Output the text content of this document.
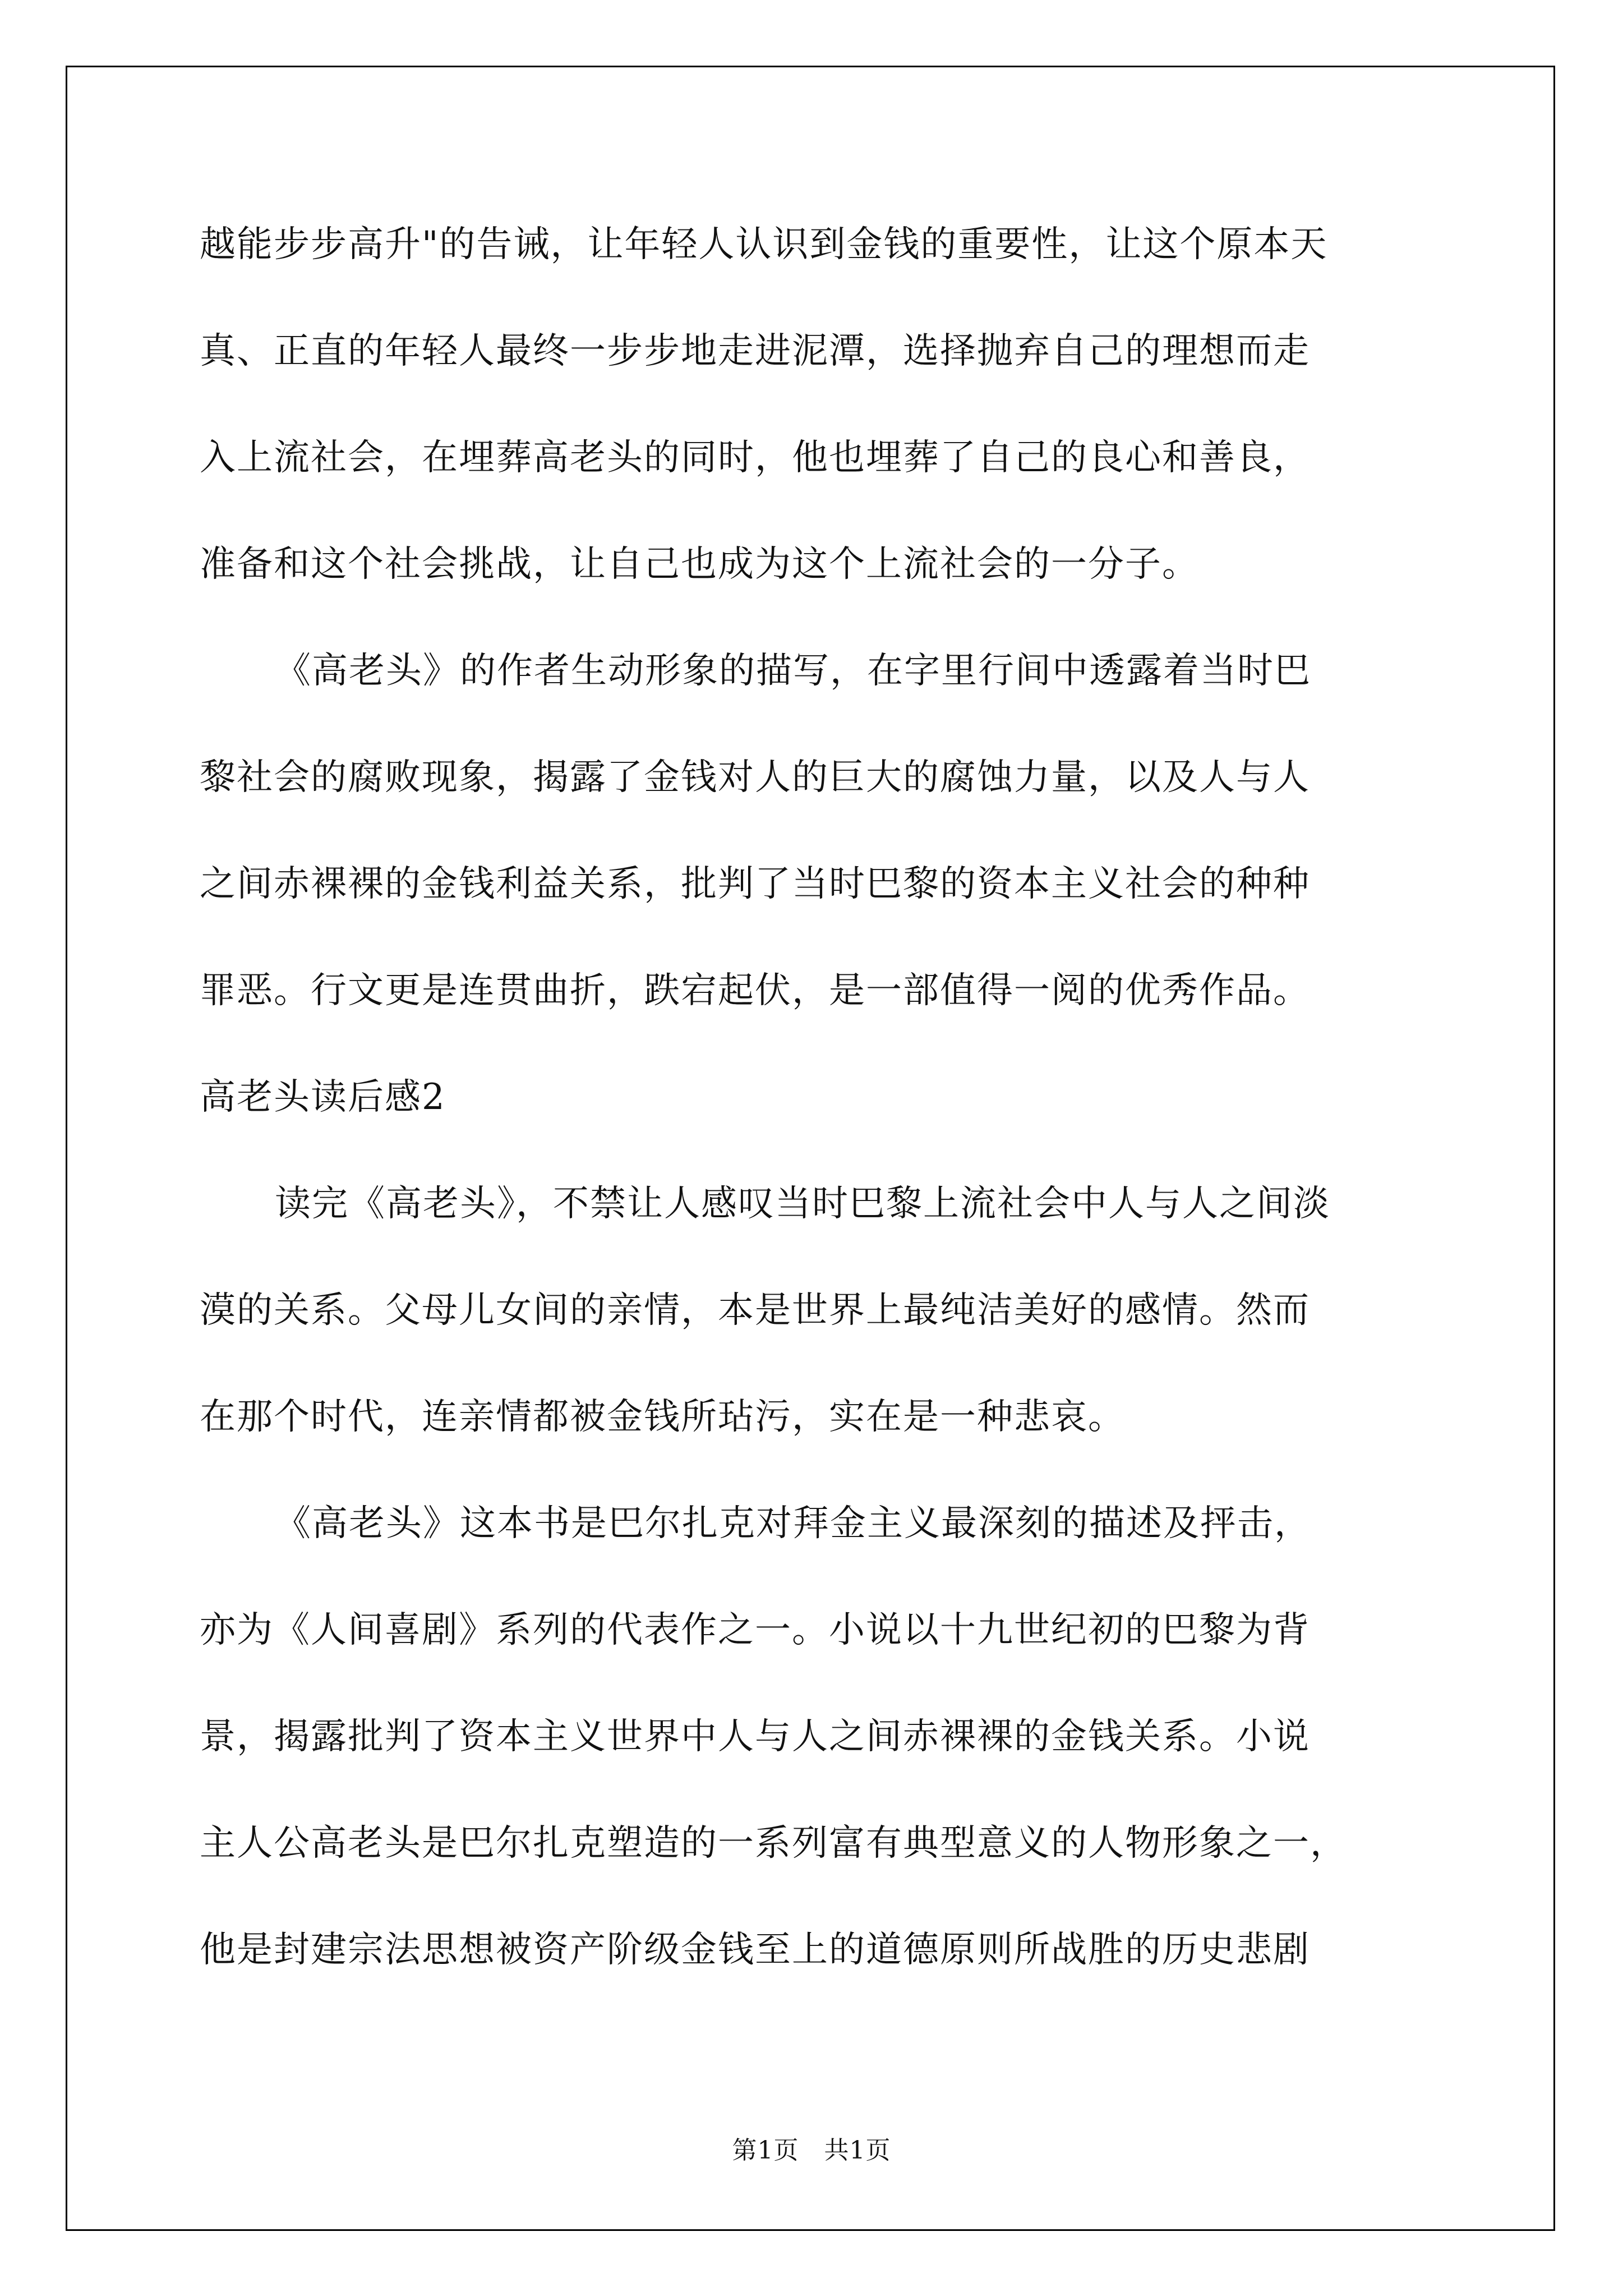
越能步步高升"的告诫，让年轻人认识到金钱的重要性，让这个原本天

真、正直的年轻人最终一步步地走进泥潭，选择抛弃自己的理想而走

入上流社会，在埋葬高老头的同时，他也埋葬了自己的良心和善良，

准备和这个社会挑战，让自己也成为这个上流社会的一分子。

《高老头》的作者生动形象的描写，在字里行间中透露着当时巴

黎社会的腐败现象，揭露了金钱对人的巨大的腐蚀力量，以及人与人

之间赤裸裸的金钱利益关系，批判了当时巴黎的资本主义社会的种种

罪恶。行文更是连贯曲折，跌宕起伏，是一部值得一阅的优秀作品。

高老头读后感2

读完《高老头》，不禁让人感叹当时巴黎上流社会中人与人之间淡

漠的关系。父母儿女间的亲情，本是世界上最纯洁美好的感情。然而

在那个时代，连亲情都被金钱所玷污，实在是一种悲哀。

《高老头》这本书是巴尔扎克对拜金主义最深刻的描述及抨击，

亦为《人间喜剧》系列的代表作之一。小说以十九世纪初的巴黎为背

景，揭露批判了资本主义世界中人与人之间赤裸裸的金钱关系。小说

主人公高老头是巴尔扎克塑造的一系列富有典型意义的人物形象之一，

他是封建宗法思想被资产阶级金钱至上的道德原则所战胜的历史悲剧

第1页   共1页
